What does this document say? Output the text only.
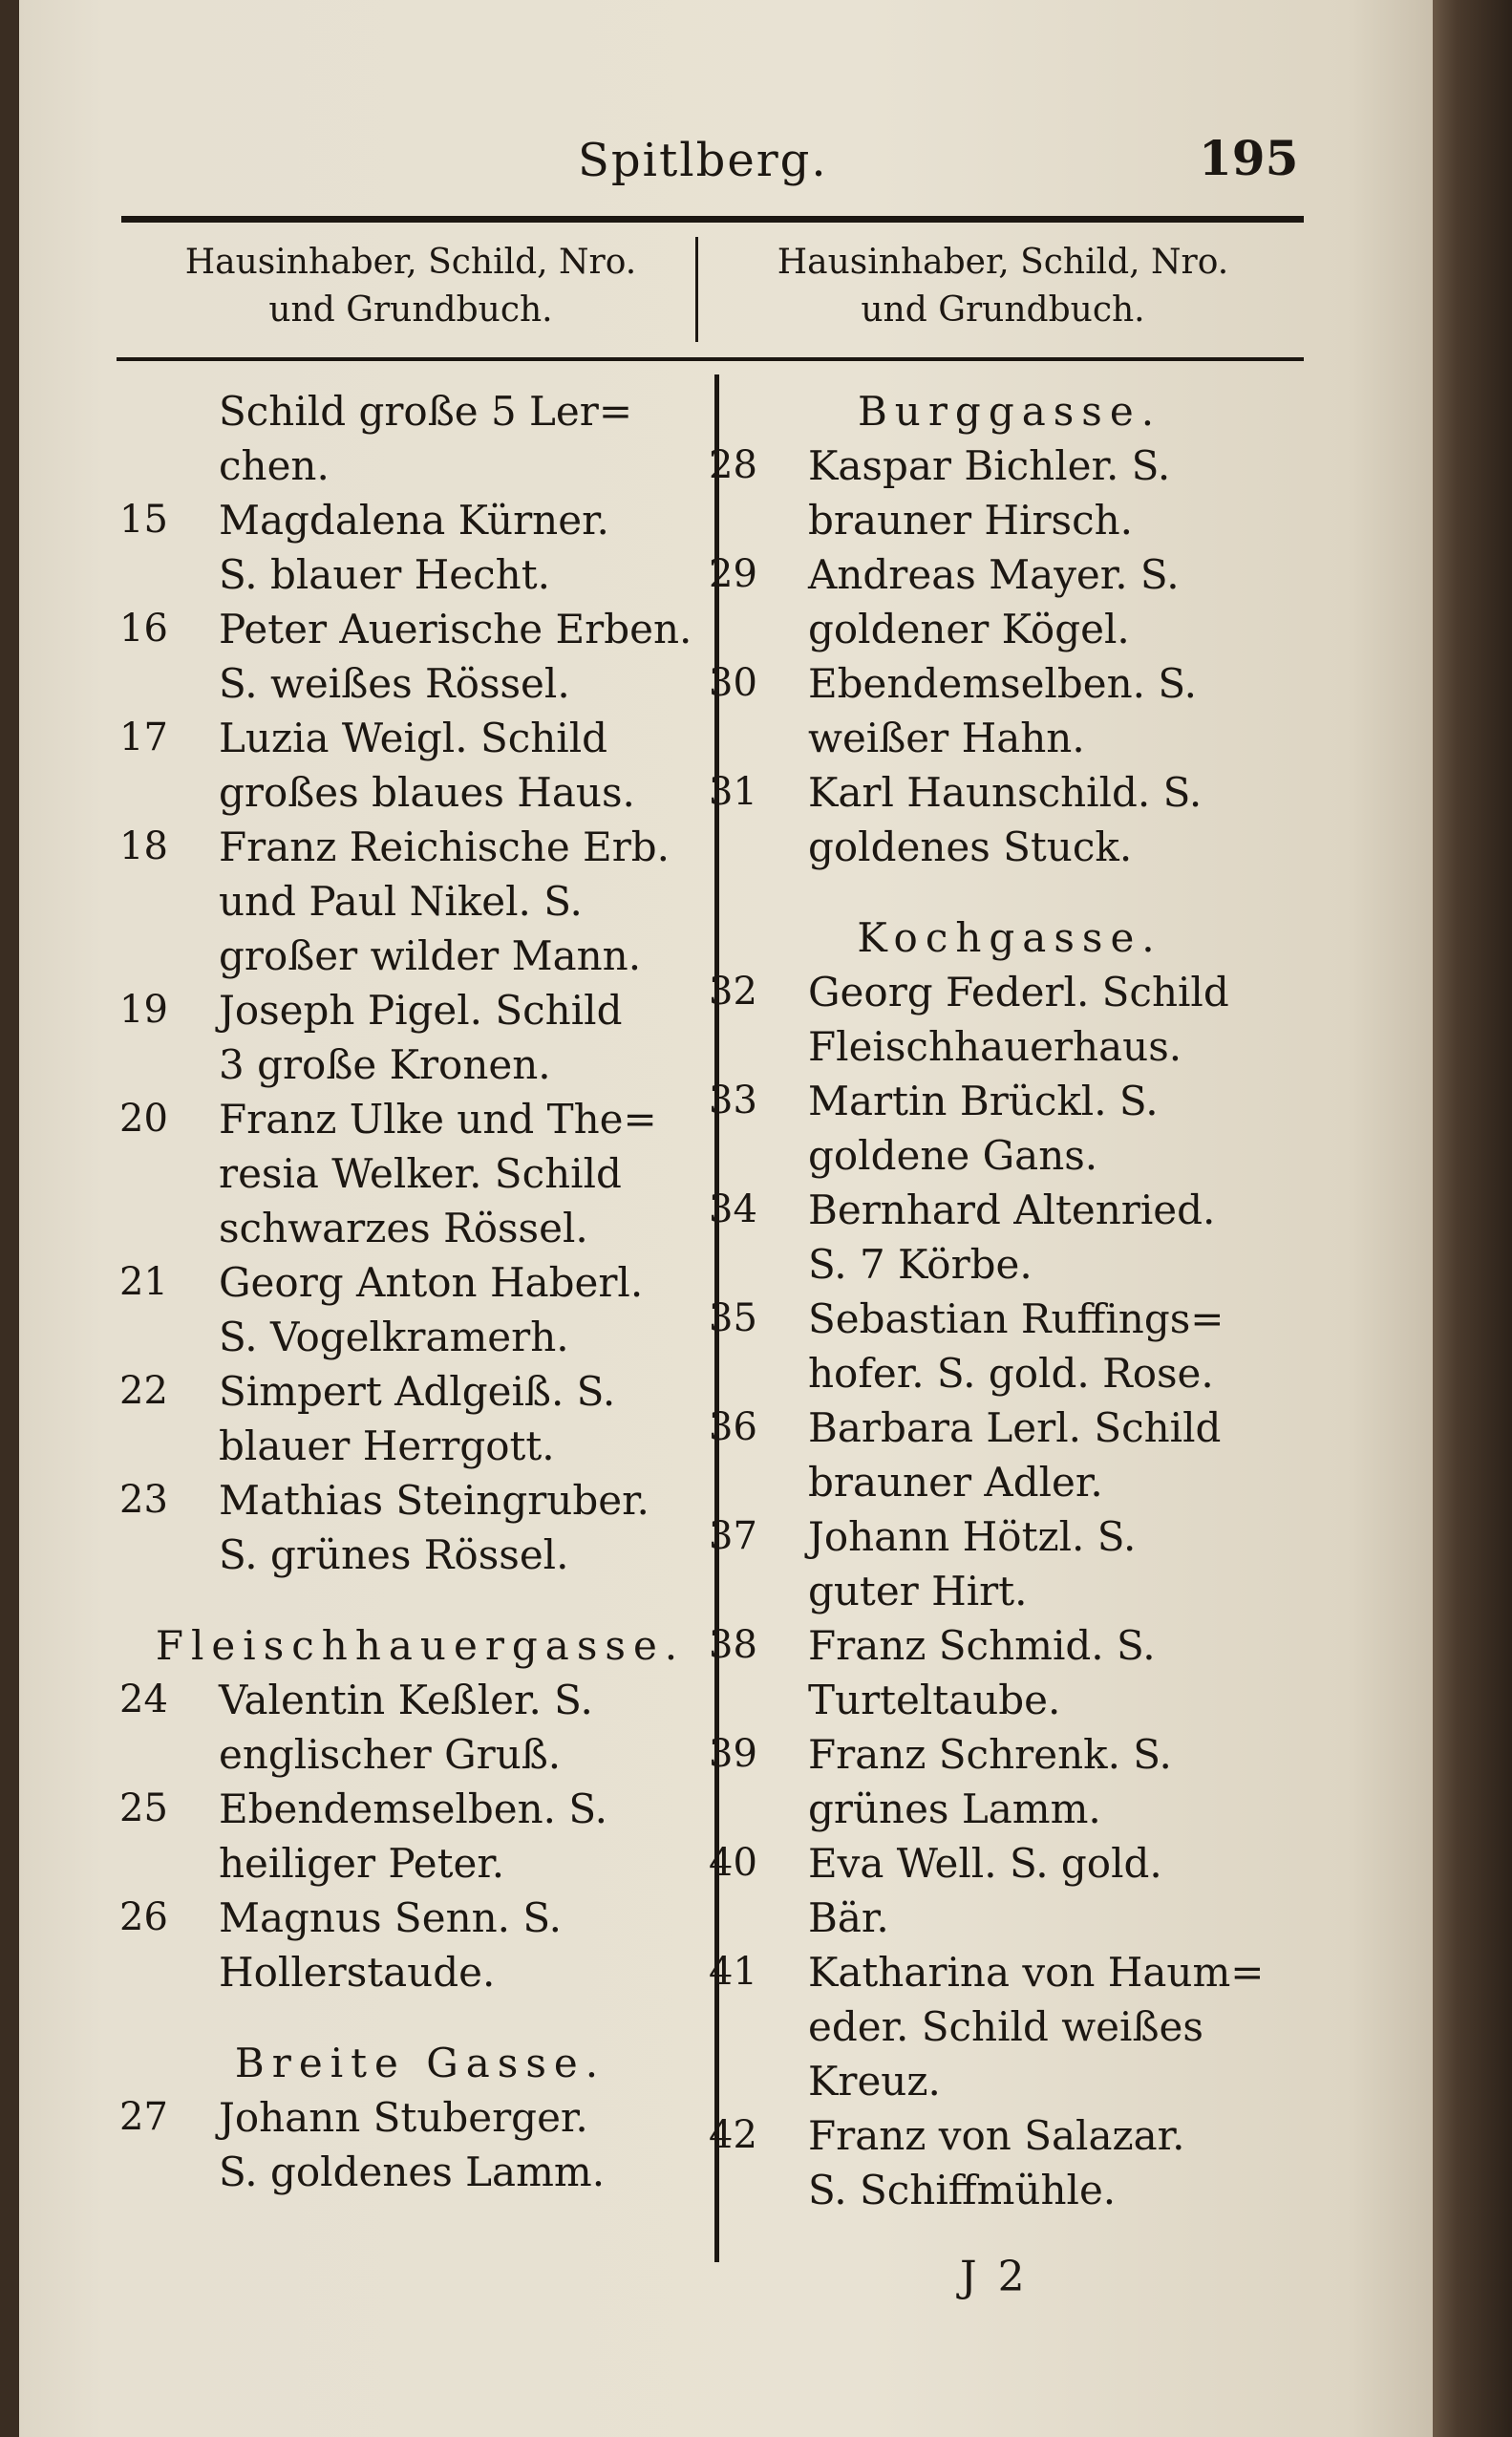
Spitlberg.	195
Hausinhaber, Schild, Nro.
und Grundbuch.
Hausinhaber, Schild, Nro.
und Grundbuch.
Schild große 5 Ler=
chen.
15	Magdalena Kürner.
S. blauer Hecht.
16	Peter Auerische Erben.
S. weißes Rössel.
17	Luzia Weigl. Schild
großes blaues Haus.
18	Franz Reichische Erb.
und Paul Nikel. S.
großer wilder Mann.
19	Joseph Pigel. Schild
3 große Kronen.
20	Franz Ulke und The=
resia Welker. Schild
schwarzes Rössel.
21	Georg Anton Haberl.
S. Vogelkramerh.
22	Simpert Adlgeiß. S.
blauer Herrgott.
23	Mathias Steingruber.
S. grünes Rössel.
Fleischhauergasse.
24	Valentin Keßler. S.
englischer Gruß.
25	Ebendemselben. S.
heiliger Peter.
26	Magnus Senn. S.
Hollerstaude.
Breite Gasse.
27	Johann Stuberger.
S. goldenes Lamm.
Burggasse.
28	Kaspar Bichler. S.
brauner Hirsch.
29	Andreas Mayer. S.
goldener Kögel.
30	Ebendemselben. S.
weißer Hahn.
31	Karl Haunschild. S.
goldenes Stuck.
Kochgasse.
32	Georg Federl. Schild
Fleischhauerhaus.
33	Martin Brückl. S.
goldene Gans.
34	Bernhard Altenried.
S. 7 Körbe.
35	Sebastian Ruffings=
hofer. S. gold. Rose.
36	Barbara Lerl. Schild
brauner Adler.
37	Johann Hötzl. S.
guter Hirt.
38	Franz Schmid. S.
Turteltaube.
39	Franz Schrenk. S.
grünes Lamm.
40	Eva Well. S. gold.
Bär.
41	Katharina von Haum=
eder. Schild weißes
Kreuz.
42	Franz von Salazar.
S. Schiffmühle.
J 2
